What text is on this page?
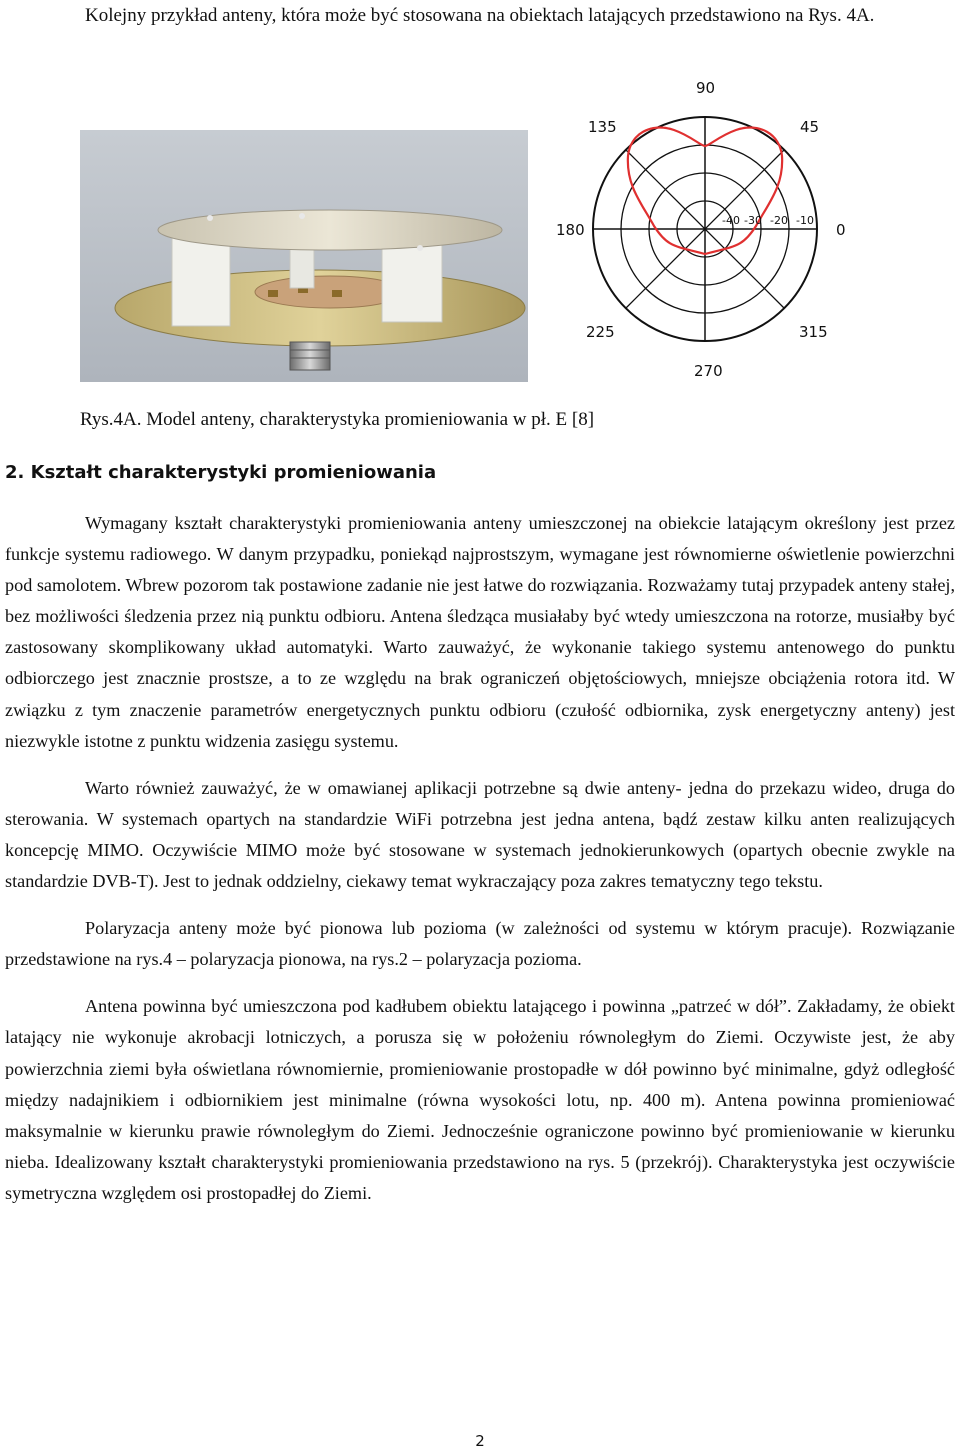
Kolejny przykład anteny, która może być stosowana na obiektach latających przedstawiono na Rys. 4A.

90
135	45
180	0
225	315
270
-40 -30 -20 -10

Rys.4A. Model anteny, charakterystyka promieniowania w pł. E [8]

2. Kształt charakterystyki promieniowania

Wymagany kształt charakterystyki promieniowania anteny umieszczonej na obiekcie latającym określony jest przez funkcje systemu radiowego. W danym przypadku, poniekąd najprostszym, wymagane jest równomierne oświetlenie powierzchni pod samolotem. Wbrew pozorom tak postawione zadanie nie jest łatwe do rozwiązania. Rozważamy tutaj przypadek anteny stałej, bez możliwości śledzenia przez nią punktu odbioru. Antena śledząca musiałaby być wtedy umieszczona na rotorze, musiałby być zastosowany skomplikowany układ automatyki. Warto zauważyć, że wykonanie takiego systemu antenowego do punktu odbiorczego jest znacznie prostsze, a to ze względu na brak ograniczeń objętościowych, mniejsze obciążenia rotora itd. W związku z tym znaczenie parametrów energetycznych punktu odbioru (czułość odbiornika, zysk energetyczny anteny) jest niezwykle istotne z punktu widzenia zasięgu systemu.

Warto również zauważyć, że w omawianej aplikacji potrzebne są dwie anteny- jedna do przekazu wideo, druga do sterowania. W systemach opartych na standardzie WiFi potrzebna jest jedna antena, bądź zestaw kilku anten realizujących koncepcję MIMO. Oczywiście MIMO może być stosowane w systemach jednokierunkowych (opartych obecnie zwykle na standardzie DVB-T). Jest to jednak oddzielny, ciekawy temat wykraczający poza zakres tematyczny tego tekstu.

Polaryzacja anteny może być pionowa lub pozioma (w zależności od systemu w którym pracuje). Rozwiązanie przedstawione na rys.4 – polaryzacja pionowa, na rys.2 – polaryzacja pozioma.

Antena powinna być umieszczona pod kadłubem obiektu latającego i powinna „patrzeć w dół”. Zakładamy, że obiekt latający nie wykonuje akrobacji lotniczych, a porusza się w położeniu równoległym do Ziemi. Oczywiste jest, że aby powierzchnia ziemi była oświetlana równomiernie, promieniowanie prostopadłe w dół powinno być minimalne, gdyż odległość między nadajnikiem i odbiornikiem jest minimalne (równa wysokości lotu, np. 400 m). Antena powinna promieniować maksymalnie w kierunku prawie równoległym do Ziemi. Jednocześnie ograniczone powinno być promieniowanie w kierunku nieba. Idealizowany kształt charakterystyki promieniowania przedstawiono na rys. 5 (przekrój). Charakterystyka jest oczywiście symetryczna względem osi prostopadłej do Ziemi.

2
